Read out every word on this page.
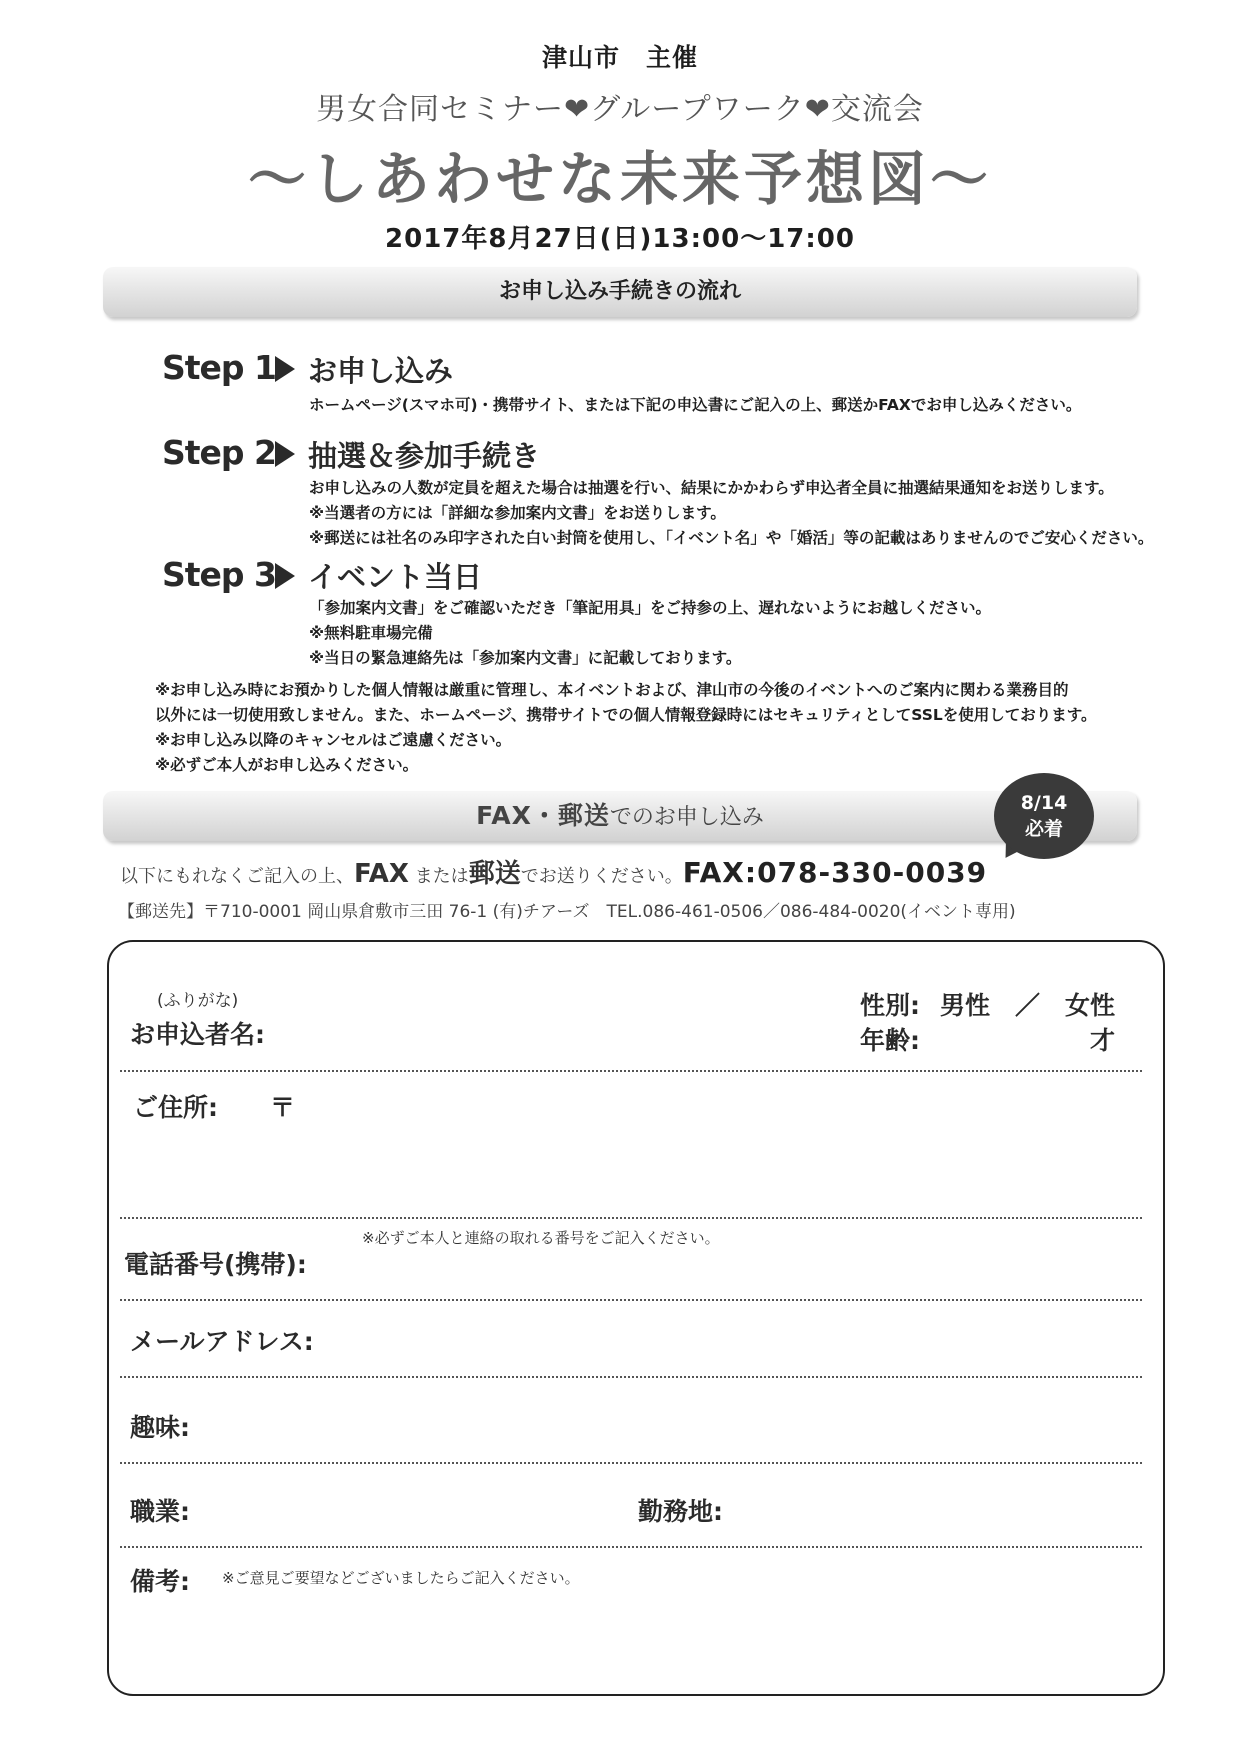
津山市　主催
男女合同セミナー❤グループワーク❤交流会
～しあわせな未来予想図～
2017年8月27日(日)13:00～17:00
お申し込み手続きの流れ
Step 1 お申し込み
ホームページ(スマホ可)・携帯サイト、または下記の申込書にご記入の上、郵送かFAXでお申し込みください。
Step 2 抽選＆参加手続き
お申し込みの人数が定員を超えた場合は抽選を行い、結果にかかわらず申込者全員に抽選結果通知をお送りします。
※当選者の方には「詳細な参加案内文書」をお送りします。
※郵送には社名のみ印字された白い封筒を使用し、「イベント名」や「婚活」等の記載はありませんのでご安心ください。
Step 3 イベント当日
「参加案内文書」をご確認いただき「筆記用具」をご持参の上、遅れないようにお越しください。
※無料駐車場完備
※当日の緊急連絡先は「参加案内文書」に記載しております。
※お申し込み時にお預かりした個人情報は厳重に管理し、本イベントおよび、津山市の今後のイベントへのご案内に関わる業務目的
以外には一切使用致しません。また、ホームページ、携帯サイトでの個人情報登録時にはセキュリティとしてSSLを使用しております。
※お申し込み以降のキャンセルはご遠慮ください。
※必ずご本人がお申し込みください。
FAX・郵送でのお申し込み
8/14
必着
以下にもれなくご記入の上、FAX または郵送でお送りください。FAX:078-330-0039
【郵送先】〒710-0001 岡山県倉敷市三田 76-1 (有)チアーズ　TEL.086-461-0506／086-484-0020(イベント専用)
(ふりがな)
お申込者名:
性別: 男性　／　女性
年齢:	才
ご住所: 〒
※必ずご本人と連絡の取れる番号をご記入ください。
電話番号(携帯):
メールアドレス:
趣味:
職業:	勤務地:
備考: ※ご意見ご要望などございましたらご記入ください。
